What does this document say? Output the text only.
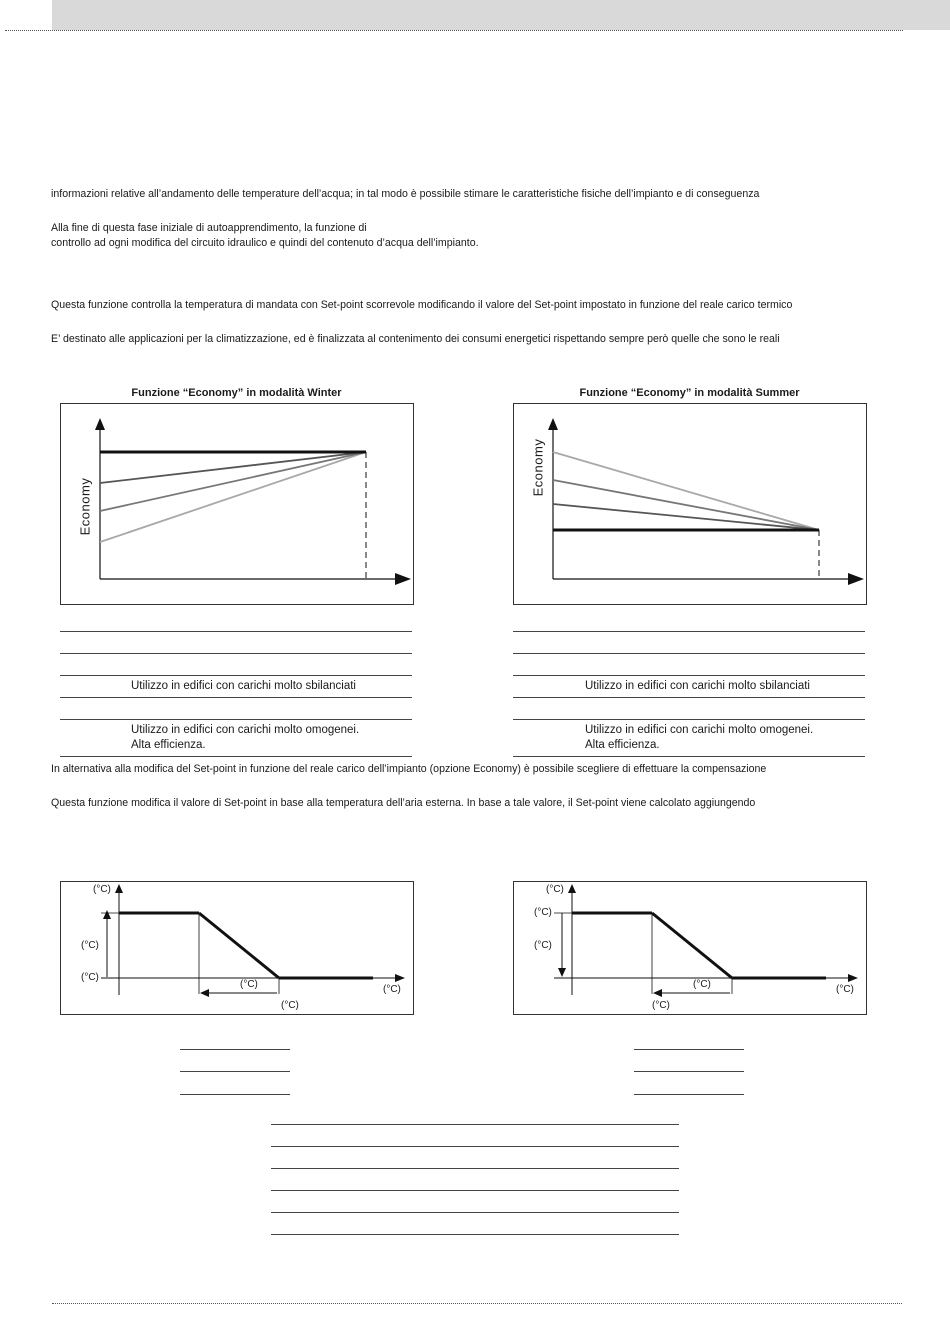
informazioni relative all’andamento delle temperature dell’acqua; in tal modo è possibile stimare le caratteristiche fisiche dell’impianto e di conseguenza
Alla fine di questa fase iniziale di autoapprendimento, la funzione di
controllo ad ogni modifica del circuito idraulico e quindi del contenuto d’acqua dell’impianto.
Questa funzione controlla la temperatura di mandata con Set-point scorrevole modificando il valore del Set-point impostato in funzione del reale carico termico
E’ destinato alle applicazioni per la climatizzazione, ed è finalizzata al contenimento dei consumi energetici rispettando sempre però quelle che sono le reali
Funzione “Economy” in modalità Winter
Economy
Funzione “Economy” in modalità Summer
Economy
Utilizzo in edifici con carichi molto sbilanciati
Utilizzo in edifici con carichi molto omogenei.
Alta efficienza.
Utilizzo in edifici con carichi molto sbilanciati
Utilizzo in edifici con carichi molto omogenei.
Alta efficienza.
In alternativa alla modifica del Set-point in funzione del reale carico dell’impianto (opzione Economy) è possibile scegliere di effettuare la compensazione
Questa funzione modifica il valore di Set-point in base alla temperatura dell’aria esterna. In base a tale valore, il Set-point viene calcolato aggiungendo
(°C)
(°C)
(°C)
(°C)	(°C)
(°C)
(°C)
(°C)
(°C)
(°C)	(°C)
(°C)
